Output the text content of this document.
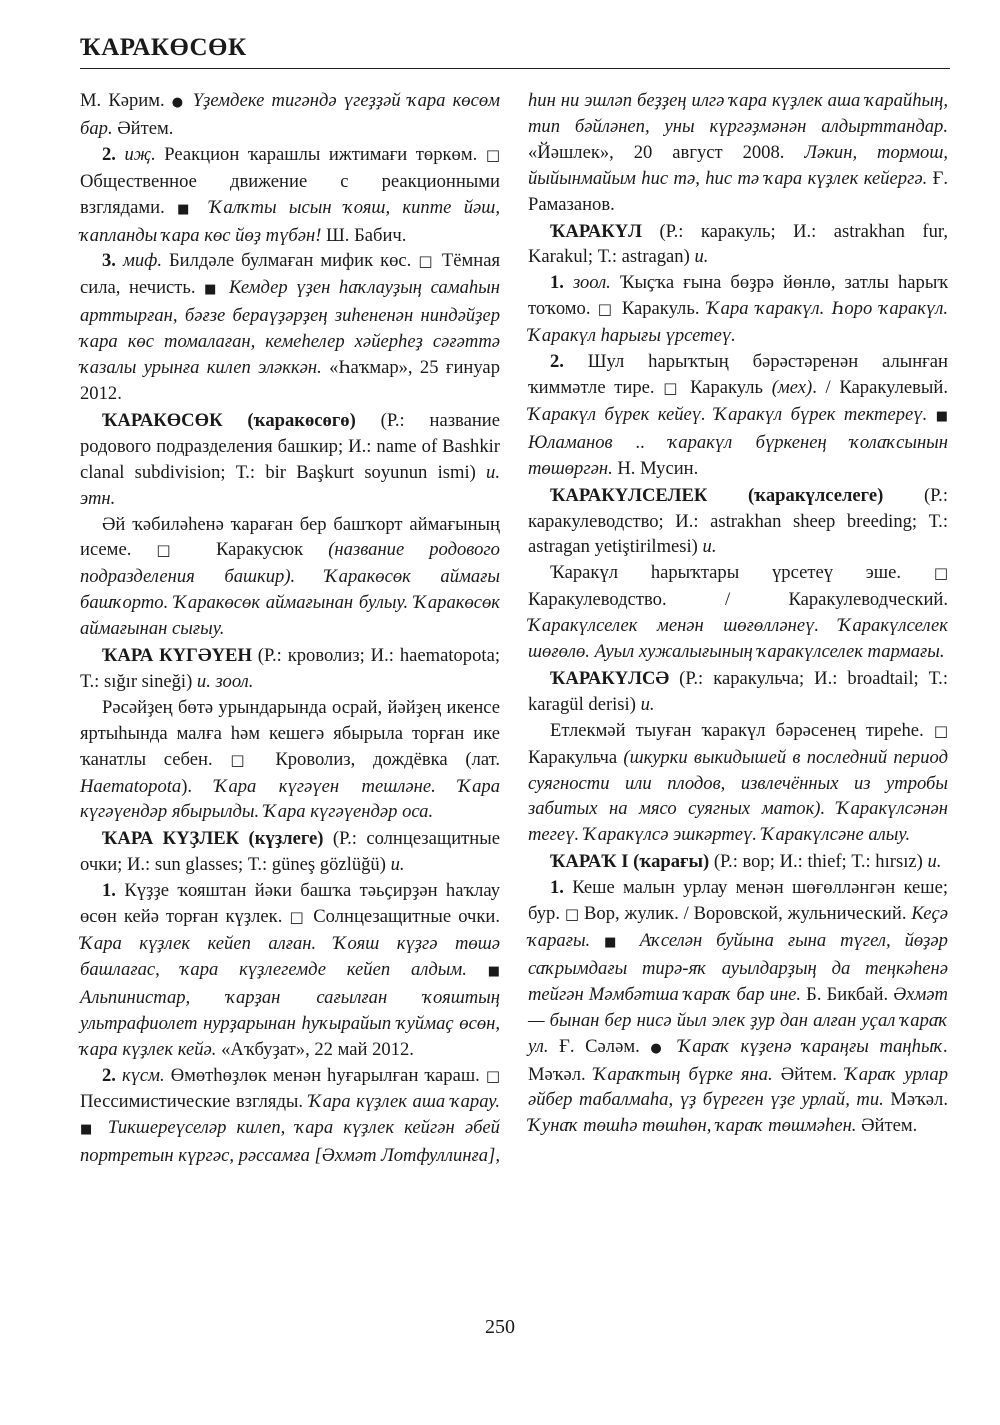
ҠАРАКӨСӨК

М. Кәрим. ● Үҙемдеке тигәндә үгеҙҙәй ҡара көсөм бар. Әйтем.

2. иҗ. Реакцион ҡарашлы ижтимағи төркөм. □ Общественное движение с реакционными взглядами. ■ Ҡалҡты ысын ҡояш, кипте йәш, ҡапланды ҡара көс йөҙ түбән! Ш. Бабич.

3. миф. Билдәле булмаған мифик көс. □ Тёмная сила, нечисть. ■ Кемдер үҙен һаҡлауҙың самаһын арттырған, бәғзе бераүҙәрҙең зиһененән ниндәйҙер ҡара көс томалаған, кемеһелер хәйерһеҙ сәғәттә ҡазалы урынға килеп эләккән. «Һаҡмар», 25 ғинуар 2012.

ҠАРАКӨСӨК (ҡаракөсөгө) (Р.: название родового подразделения башкир; И.: name of Bashkir clanal subdivision; Т.: bir Başkurt soyunun ismi) и. этн.

Әй ҡәбиләһенә ҡараған бер башҡорт аймағының исеме. □ Каракусюк (название родового подразделения башкир). Ҡаракөсөк аймағы башҡорто. Ҡаракөсөк аймағынан булыу. Ҡаракөсөк аймағынан сығыу.

ҠАРА КҮГӘҮЕН (Р.: кроволиз; И.: haematopota; Т.: sığır sineği) и. зоол.

Рәсәйҙең бөтә урындарында осрай, йәйҙең икенсе яртыһында малға һәм кешегә ябырыла торған ике ҡанатлы себен. □ Кроволиз, дождёвка (лат. Haematopota). Ҡара күгәүен тешләне. Ҡара күгәүендәр ябырылды. Ҡара күгәүендәр оса.

ҠАРА КҮҘЛЕК (күҙлеге) (Р.: солнцезащитные очки; И.: sun glasses; Т.: güneş gözlüğü) и.

1. Күҙҙе ҡояштан йәки башҡа тәьҫирҙән һаҡлау өсөн кейә торған күҙлек. □ Солнцезащитные очки. Ҡара күҙлек кейеп алған. Ҡояш күҙгә төшә башлағас, ҡара күҙлегемде кейеп алдым. ■ Альпинистар, ҡарҙан сағылған ҡояштың ультрафиолет нурҙарынан һуҡырайып ҡуймаҫ өсөн, ҡара күҙлек кейә. «Аҡбуҙат», 22 май 2012.

2. күсм. Өмөтһөҙлөк менән һуғарылған ҡараш. □ Пессимистические взгляды. Ҡара күҙлек аша ҡарау. ■ Тикшереүселәр килеп, ҡара күҙлек кейгән әбей портретын күргәс, рәссамға [Әхмәт Лотфуллинға],

һин ни эшләп беҙҙең илгә ҡара күҙлек аша ҡарайһың, тип бәйләнеп, уны күргәҙмәнән алдырттандар. «Йәшлек», 20 август 2008. Ләкин, тормош, йыйынмайым һис тә, һис тә ҡара күҙлек кейергә. Ғ. Рамазанов.

ҠАРАКҮЛ (Р.: каракуль; И.: astrakhan fur, Karakul; Т.: astragan) и.

1. зоол. Ҡыҫҡа ғына бөҙрә йөнлө, затлы һарыҡ тоҡомо. □ Каракуль. Ҡара ҡаракүл. Һоро ҡаракүл. Ҡаракүл һарығы үрсетеү.

2. Шул һарыҡтың бәрәстәренән алынған ҡиммәтле тире. □ Каракуль (мех). / Каракулевый. Ҡаракүл бүрек кейеү. Ҡаракүл бүрек тектереү. ■ Юламанов .. ҡаракүл бүркенең ҡолаҡсынын төшөргән. Н. Мусин.

ҠАРАКҮЛСЕЛЕК (ҡаракүлселеге) (Р.: каракулеводство; И.: astrakhan sheep breeding; Т.: astragan yetiştirilmesi) и.

Ҡаракүл һарыҡтары үрсетеү эше. □ Каракулеводство. / Каракулеводческий. Ҡаракүлселек менән шөғөлләнеү. Ҡаракүлселек шөғөлө. Ауыл хужалығының ҡаракүлселек тармағы.

ҠАРАКҮЛСӘ (Р.: каракульча; И.: broadtail; Т.: karagül derisi) и.

Етлекмәй тыуған ҡаракүл бәрәсенең тиреһе. □ Каракульча (шкурки выкидышей в последний период суягности или плодов, извлечённых из утробы забитых на мясо суягных маток). Ҡаракүлсәнән тегеү. Ҡаракүлсә эшкәртеү. Ҡаракүлсәне алыу.

ҠАРАҠ I (ҡарағы) (Р.: вор; И.: thief; Т.: hırsız) и.

1. Кеше малын урлау менән шөғөлләнгән кеше; бур. □ Вор, жулик. / Воровской, жульнический. Кеҫә ҡарағы. ■ Аҡселән буйына ғына түгел, йөҙәр саҡрымдағы тирә-яҡ ауылдарҙың да теңкәһенә тейгән Мәмбәтша ҡараҡ бар ине. Б. Бикбай. Әхмәт — бынан бер нисә йыл элек ҙур дан алған уҫал ҡараҡ ул. Ғ. Сәләм. ● Ҡараҡ күҙенә ҡараңғы таңһыҡ. Мәҡәл. Ҡараҡтың бүрке яна. Әйтем. Ҡараҡ урлар әйбер табалмаһа, үҙ бүреген үҙе урлай, ти. Мәҡәл. Ҡунаҡ төшһә төшһөн, ҡараҡ төшмәһен. Әйтем.

250
